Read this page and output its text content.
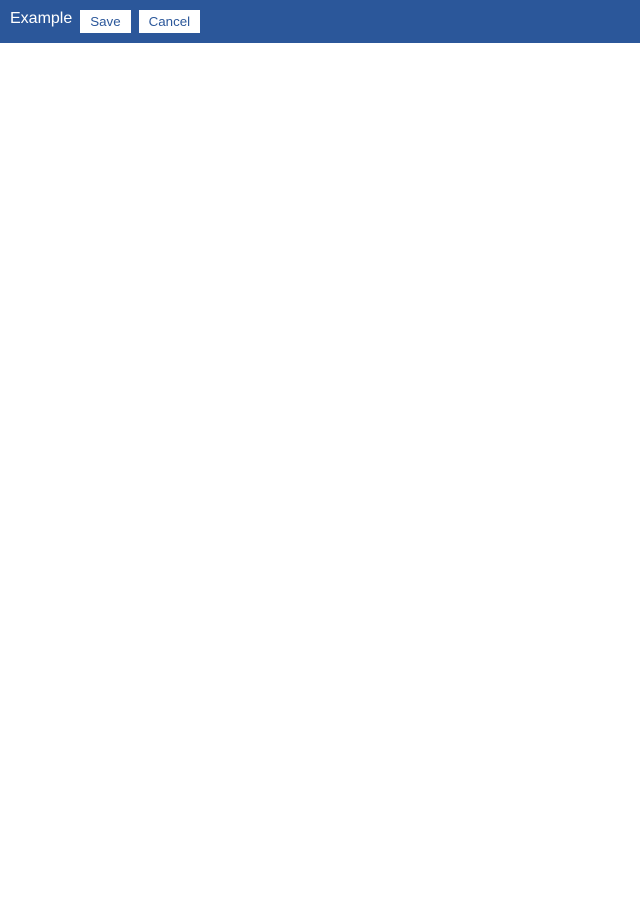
Example	Save	Cancel
